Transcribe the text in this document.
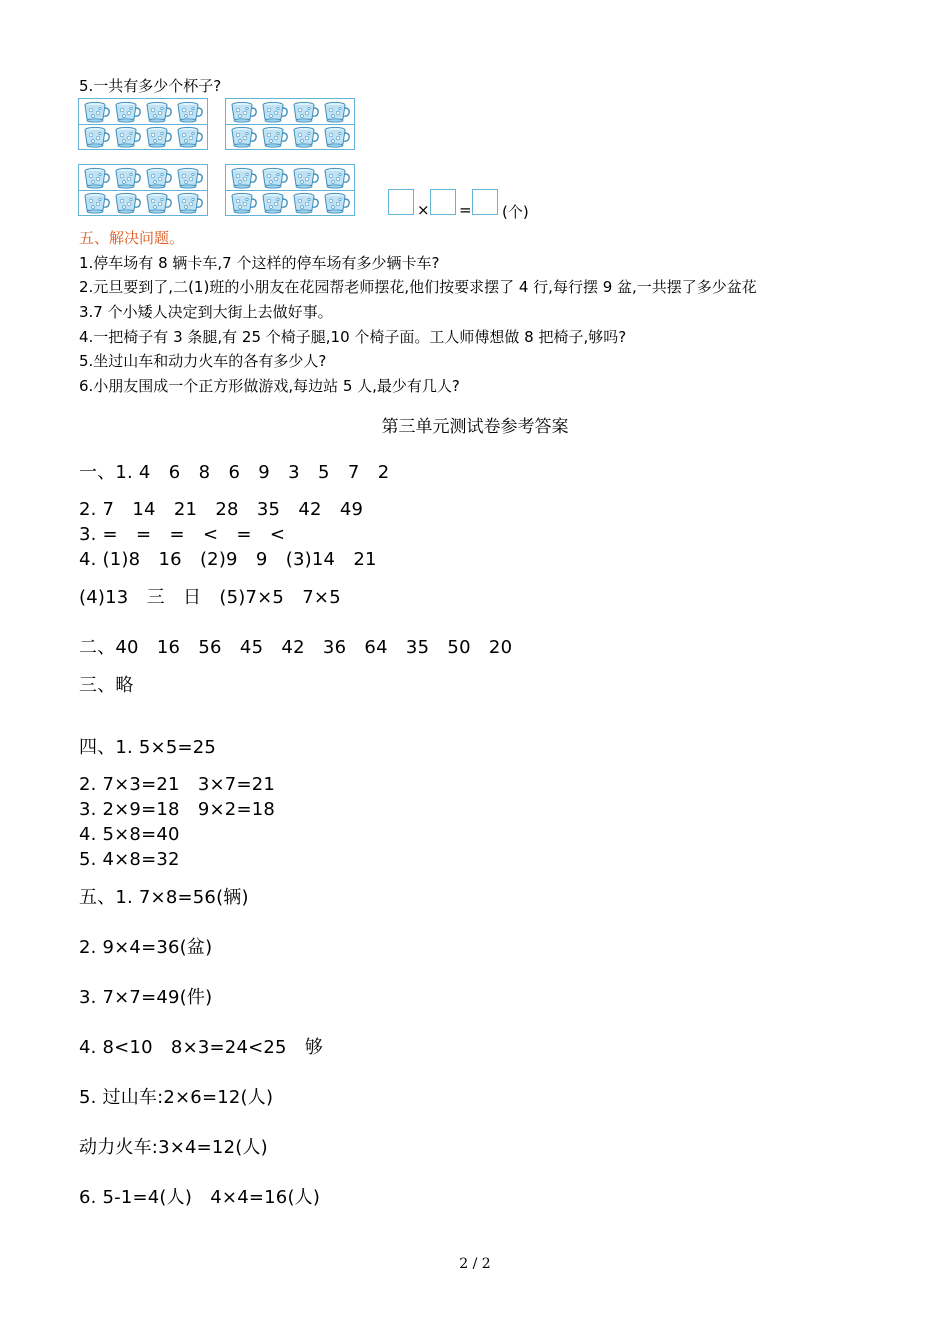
5.一共有多少个杯子?
× = (个)
五、解决问题。
1.停车场有 8 辆卡车,7 个这样的停车场有多少辆卡车?
2.元旦要到了,二(1)班的小朋友在花园帮老师摆花,他们按要求摆了 4 行,每行摆 9 盆,一共摆了多少盆花
3.7 个小矮人决定到大街上去做好事。
4.一把椅子有 3 条腿,有 25 个椅子腿,10 个椅子面。工人师傅想做 8 把椅子,够吗?
5.坐过山车和动力火车的各有多少人?
6.小朋友围成一个正方形做游戏,每边站 5 人,最少有几人?
第三单元测试卷参考答案
一、1. 4　6　8　6　9　3　5　7　2
2. 7　14　21　28　35　42　49
3. =　=　=　<　=　<
4. (1)8　16　(2)9　9　(3)14　21
(4)13　三　日　(5)7×5　7×5
二、40　16　56　45　42　36　64　35　50　20
三、略
四、1. 5×5=25
2. 7×3=21　3×7=21
3. 2×9=18　9×2=18
4. 5×8=40
5. 4×8=32
五、1. 7×8=56(辆)
2. 9×4=36(盆)
3. 7×7=49(件)
4. 8<10　8×3=24<25　够
5. 过山车:2×6=12(人)
动力火车:3×4=12(人)
6. 5-1=4(人)　4×4=16(人)
2 / 2
